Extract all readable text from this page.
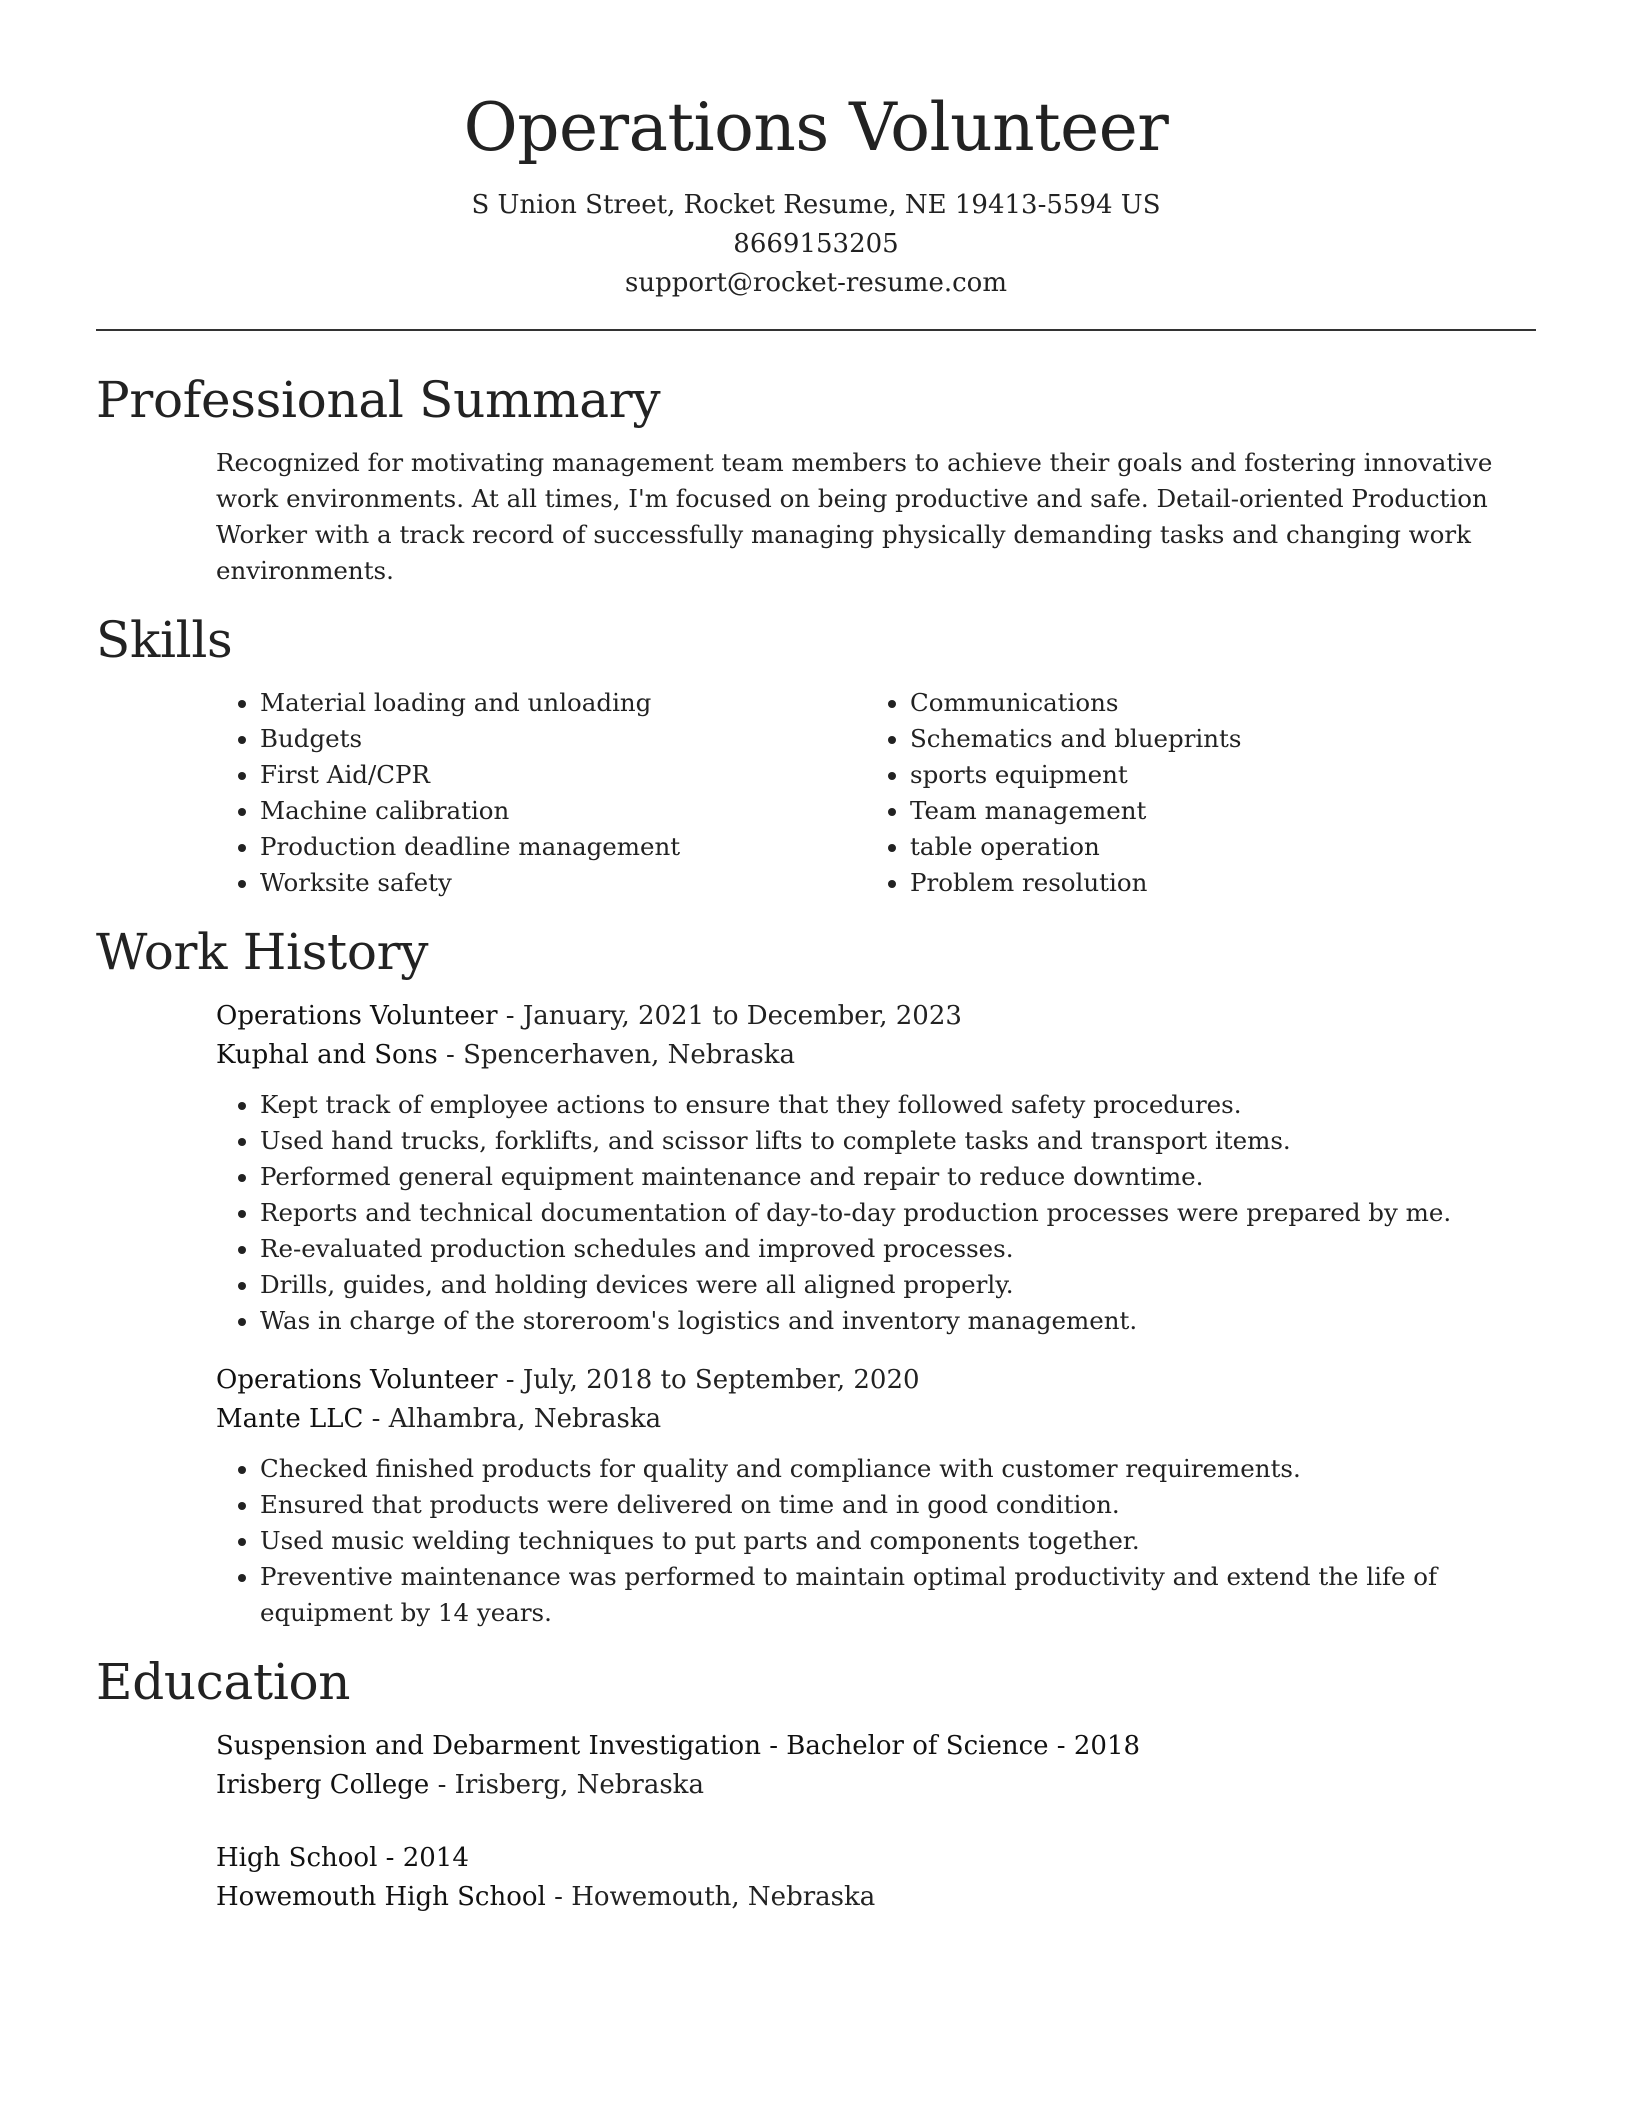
Operations Volunteer
S Union Street, Rocket Resume, NE 19413-5594 US
8669153205
support@rocket-resume.com
Professional Summary

Recognized for motivating management team members to achieve their goals and fostering innovative work environments. At all times, I'm focused on being productive and safe. Detail-oriented Production Worker with a track record of successfully managing physically demanding tasks and changing work environments.

Skills
• Material loading and unloading
• Budgets
• First Aid/CPR
• Machine calibration
• Production deadline management
• Worksite safety
• Communications
• Schematics and blueprints
• sports equipment
• Team management
• table operation
• Problem resolution
Work History
Operations Volunteer - January, 2021 to December, 2023
Kuphal and Sons - Spencerhaven, Nebraska
• Kept track of employee actions to ensure that they followed safety procedures.
• Used hand trucks, forklifts, and scissor lifts to complete tasks and transport items.
• Performed general equipment maintenance and repair to reduce downtime.
• Reports and technical documentation of day-to-day production processes were prepared by me.
• Re-evaluated production schedules and improved processes.
• Drills, guides, and holding devices were all aligned properly.
• Was in charge of the storeroom's logistics and inventory management.
Operations Volunteer - July, 2018 to September, 2020
Mante LLC - Alhambra, Nebraska
• Checked finished products for quality and compliance with customer requirements.
• Ensured that products were delivered on time and in good condition.
• Used music welding techniques to put parts and components together.
• Preventive maintenance was performed to maintain optimal productivity and extend the life of equipment by 14 years.
Education
Suspension and Debarment Investigation - Bachelor of Science - 2018
Irisberg College - Irisberg, Nebraska
High School - 2014
Howemouth High School - Howemouth, Nebraska
